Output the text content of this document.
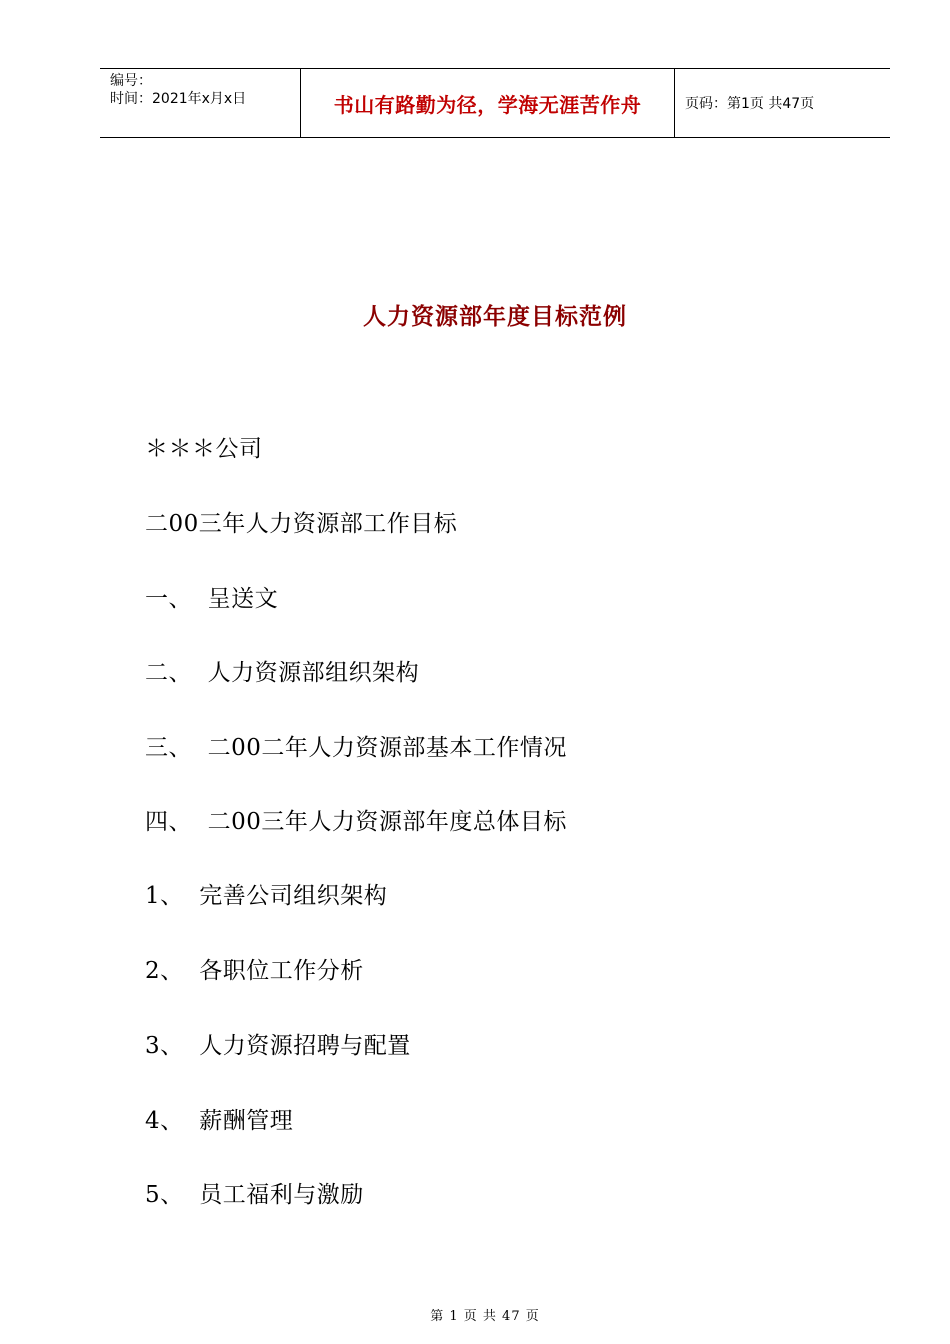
编号：
时间：2021年x月x日	书山有路勤为径，学海无涯苦作舟	页码：第1页 共47页
人力资源部年度目标范例
＊＊＊公司
二00三年人力资源部工作目标
一、  呈送文
二、  人力资源部组织架构
三、  二00二年人力资源部基本工作情况
四、  二00三年人力资源部年度总体目标
1、  完善公司组织架构
2、  各职位工作分析
3、  人力资源招聘与配置
4、  薪酬管理
5、  员工福利与激励
第 1 页 共 47 页
